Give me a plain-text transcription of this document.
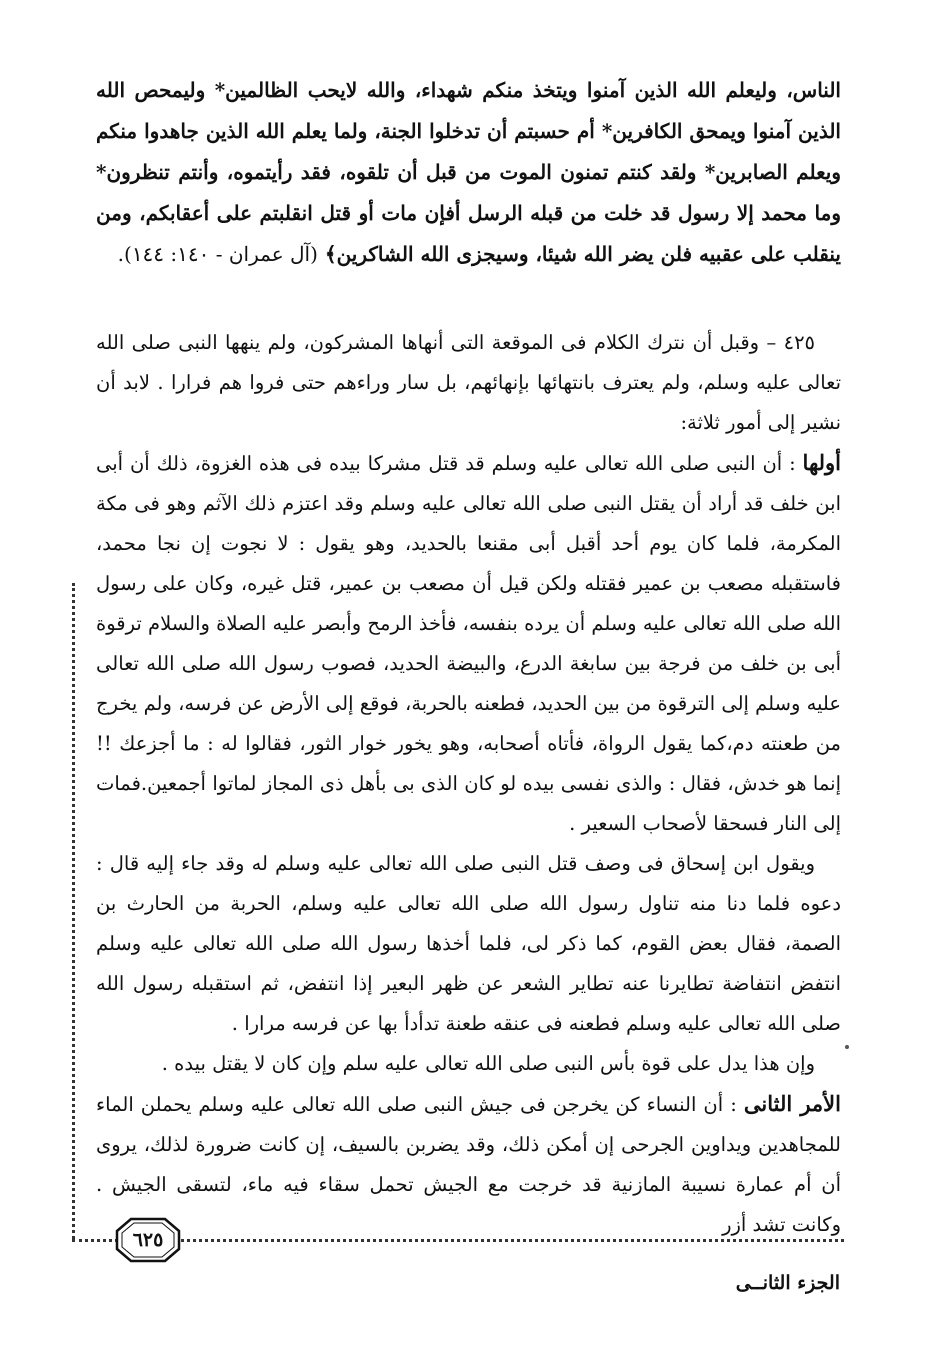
الناس، وليعلم الله الذين آمنوا ويتخذ منكم شهداء، والله لايحب الظالمين* وليمحص الله الذين آمنوا ويمحق الكافرين* أم حسبتم أن تدخلوا الجنة، ولما يعلم الله الذين جاهدوا منكم ويعلم الصابرين* ولقد كنتم تمنون الموت من قبل أن تلقوه، فقد رأيتموه، وأنتم تنظرون* وما محمد إلا رسول قد خلت من قبله الرسل أفإن مات أو قتل انقلبتم على أعقابكم، ومن ينقلب على عقبيه فلن يضر الله شيئا، وسيجزى الله الشاكرين﴾ (آل عمران - ١٤٠: ١٤٤).

٤٢٥ – وقبل أن نترك الكلام فى الموقعة التى أنهاها المشركون، ولم ينهها النبى صلى الله تعالى عليه وسلم، ولم يعترف بانتهائها بإنهائهم، بل سار وراءهم حتى فروا هم فرارا . لابد أن نشير إلى أمور ثلاثة:

أولها : أن النبى صلى الله تعالى عليه وسلم قد قتل مشركا بيده فى هذه الغزوة، ذلك أن أبى ابن خلف قد أراد أن يقتل النبى صلى الله تعالى عليه وسلم وقد اعتزم ذلك الآثم وهو فى مكة المكرمة، فلما كان يوم أحد أقبل أبى مقنعا بالحديد، وهو يقول : لا نجوت إن نجا محمد، فاستقبله مصعب بن عمير فقتله ولكن قيل أن مصعب بن عمير، قتل غيره، وكان على رسول الله صلى الله تعالى عليه وسلم أن يرده بنفسه، فأخذ الرمح وأبصر عليه الصلاة والسلام ترقوة أبى بن خلف من فرجة بين سابغة الدرع، والبيضة الحديد، فصوب رسول الله صلى الله تعالى عليه وسلم إلى الترقوة من بين الحديد، فطعنه بالحربة، فوقع إلى الأرض عن فرسه، ولم يخرج من طعنته دم،كما يقول الرواة، فأتاه أصحابه، وهو يخور خوار الثور، فقالوا له : ما أجزعك !! إنما هو خدش، فقال : والذى نفسى بيده لو كان الذى بى بأهل ذى المجاز لماتوا أجمعين.فمات إلى النار فسحقا لأصحاب السعير .

ويقول ابن إسحاق فى وصف قتل النبى صلى الله تعالى عليه وسلم له وقد جاء إليه قال : دعوه فلما دنا منه تناول رسول الله صلى الله تعالى عليه وسلم، الحربة من الحارث بن الصمة، فقال بعض القوم، كما ذكر لى، فلما أخذها رسول الله صلى الله تعالى عليه وسلم انتفض انتفاضة تطايرنا عنه تطاير الشعر عن ظهر البعير إذا انتفض، ثم استقبله رسول الله صلى الله تعالى عليه وسلم فطعنه فى عنقه طعنة تدأدأ بها عن فرسه مرارا .

وإن هذا يدل على قوة بأس النبى صلى الله تعالى عليه سلم وإن كان لا يقتل بيده .

الأمر الثانى : أن النساء كن يخرجن فى جيش النبى صلى الله تعالى عليه وسلم يحملن الماء للمجاهدين ويداوين الجرحى إن أمكن ذلك، وقد يضربن بالسيف، إن كانت ضرورة لذلك، يروى أن أم عمارة نسيبة المازنية قد خرجت مع الجيش تحمل سقاء فيه ماء، لتسقى الجيش . وكانت تشد أزر

٦٢٥
الجزء الثانــى
